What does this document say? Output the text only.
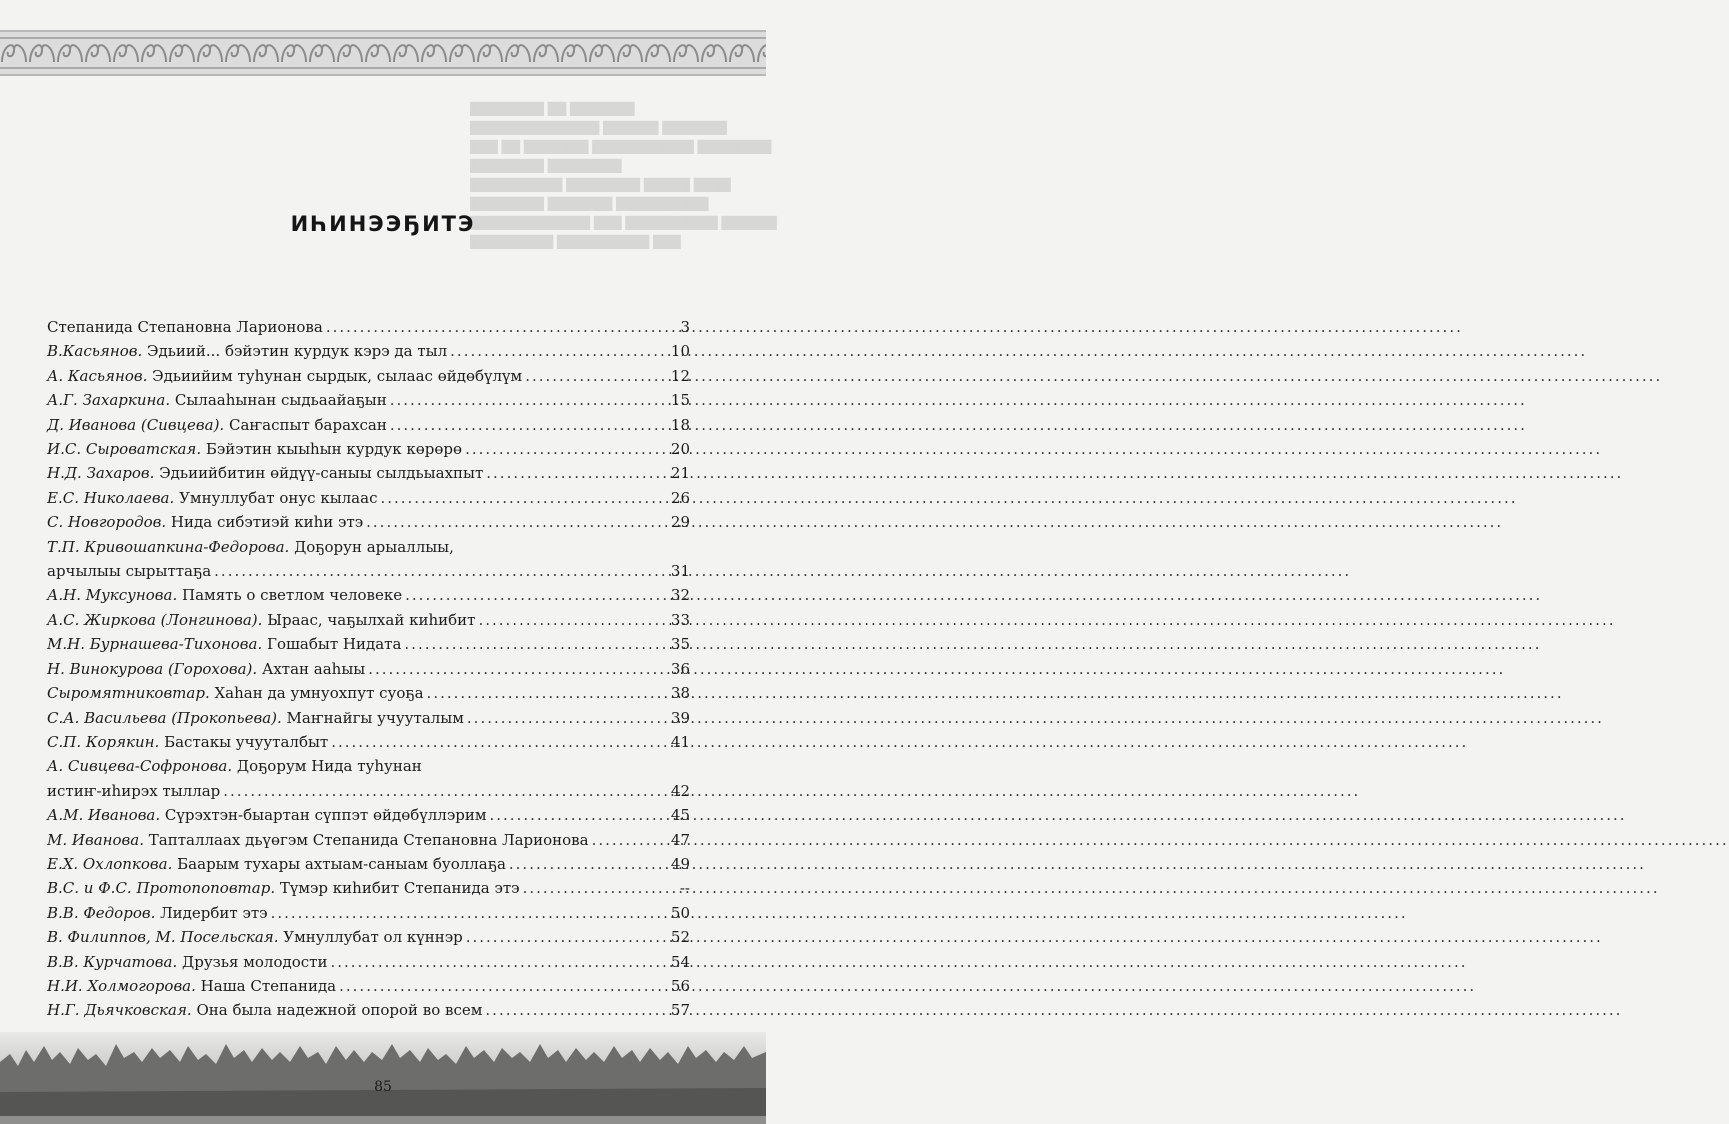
████████ ██ ███████
██████████████ ██████ ███████
███ ██ ███████ ███████████ ████████
████████ ████████
██████████ ████████ █████ ████
████████ ███████ ██████████
█████████████ ███ ██████████ ██████
█████████ ██████████ ███
ИҺИНЭЭҔИТЭ
Степанида Степановна Ларионова .....	3
В.Касьянов. Эдьиий... бэйэтин курдук кэрэ да тыл .....	10
А. Касьянов. Эдьиийим туһунан сырдык, сылаас өйдөбүлүм .....	12
А.Г. Захаркина. Сылааһынан сыдьаайаҕын .....	15
Д. Иванова (Сивцева). Саҥаспыт барахсан .....	18
И.С. Сыроватская. Бэйэтин кыыһын курдук көрөрө .....	20
Н.Д. Захаров. Эдьиийбитин өйдүү-саныы сылдьыахпыт .....	21
Е.С. Николаева. Умнуллубат онус кылаас .....	26
С. Новгородов. Нида сибэтиэй киһи этэ .....	29
Т.П. Кривошапкина-Федорова. Доҕорун арыаллыы,
арчылыы сырыттаҕа .....	31
А.Н. Муксунова. Память о светлом человеке .....	32
А.С. Жиркова (Лонгинова). Ыраас, чаҕылхай киһибит .....	33
М.Н. Бурнашева-Тихонова. Гошабыт Нидата .....	35
Н. Винокурова (Горохова). Ахтан ааһыы .....	36
Сыромятниковтар. Хаһан да умнуохпут суоҕа .....	38
С.А. Васильева (Прокопьева). Маҥнайгы учууталым .....	39
С.П. Корякин. Бастакы учууталбыт .....	41
А. Сивцева-Софронова. Доҕорум Нида туһунан
истиҥ-иһирэх тыллар .....	42
А.М. Иванова. Сүрэхтэн-быартан сүппэт өйдөбүллэрим .....	45
М. Иванова. Тапталлаах дьүөгэм Степанида Степановна Ларионова .....	47
Е.Х. Охлопкова. Баарым тухары ахтыам-саныам буоллаҕа .....	49
В.С. и Ф.С. Протопоповтар. Түмэр киһибит Степанида этэ .....	--
В.В. Федоров. Лидербит этэ .....	50
В. Филиппов, М. Посельская. Умнуллубат ол күннэр .....	52
В.В. Курчатова. Друзья молодости .....	54
Н.И. Холмогорова. Наша Степанида .....	56
Н.Г. Дьячковская. Она была надежной опорой во всем .....	57
85
